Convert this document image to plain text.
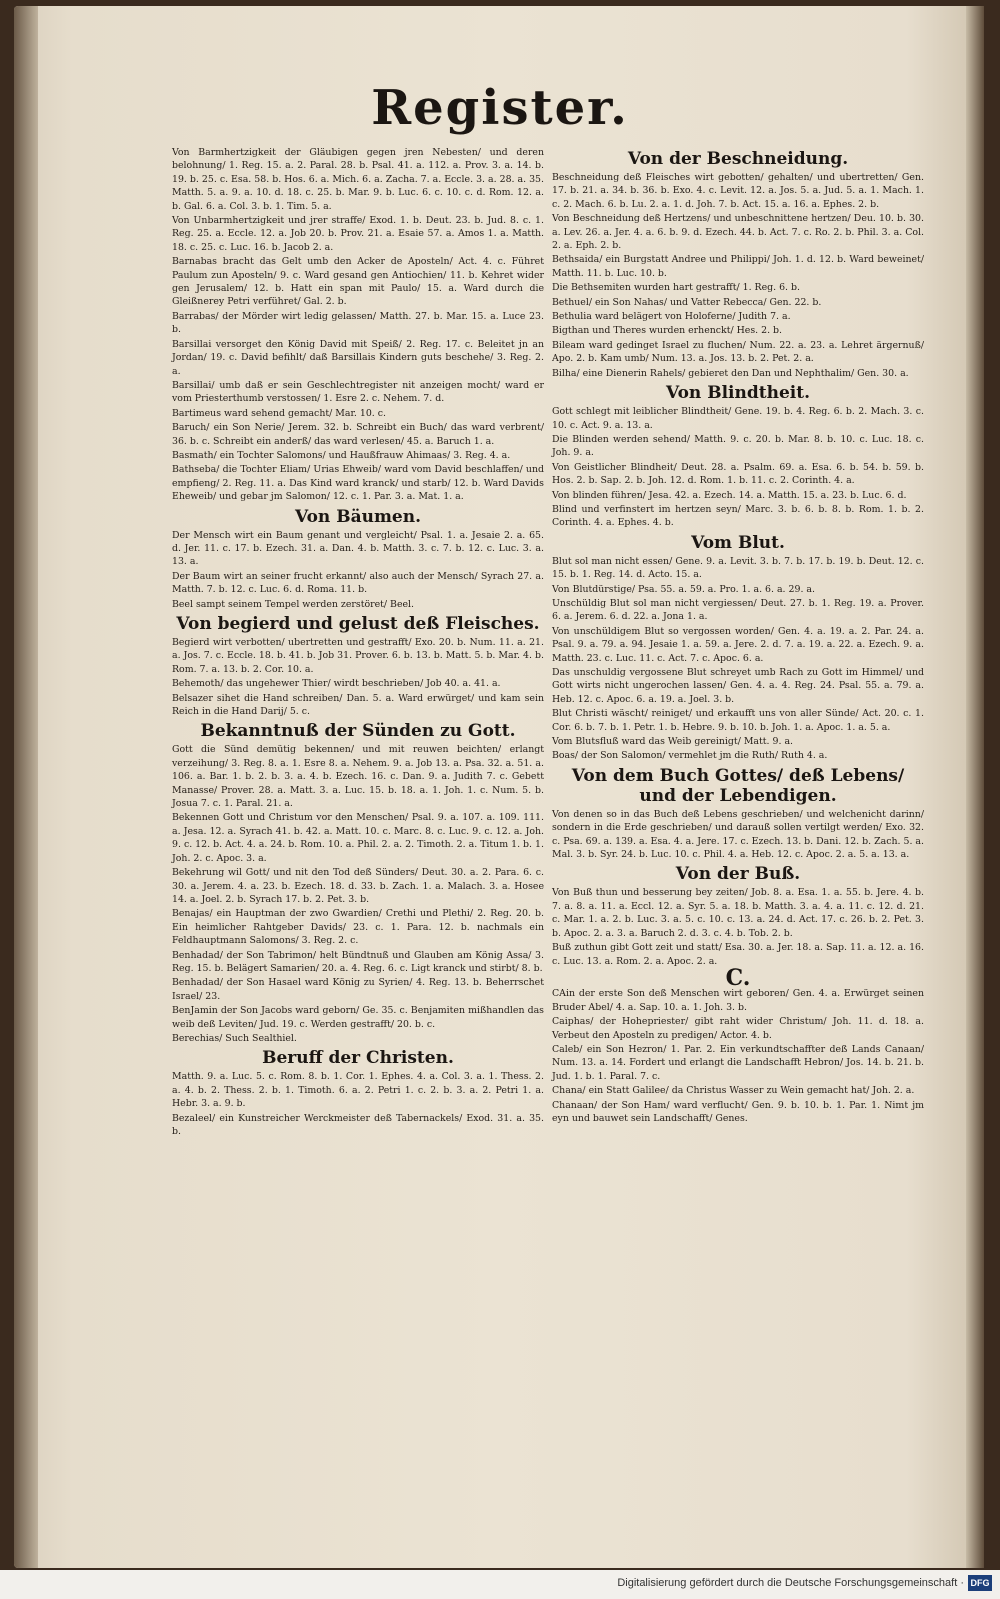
Register.
Von Barmhertzigkeit der Gläubigen gegen jren Nebesten/ und deren belohnung/ 1. Reg. 15. a. 2. Paral. 28. b. Psal. 41. a. 112. a. Prov. 3. a. 14. b. 19. b. 25. c. Esa. 58. b. Hos. 6. a. Mich. 6. a. Zacha. 7. a. Eccle. 3. a. 28. a. 35. Matth. 5. a. 9. a. 10. d. 18. c. 25. b. Mar. 9. b. Luc. 6. c. 10. c. d. Rom. 12. a. b. Gal. 6. a. Col. 3. b. 1. Tim. 5. a.
Von Unbarmhertzigkeit und jrer straffe/ Exod. 1. b. Deut. 23. b. Jud. 8. c. 1. Reg. 25. a. Eccle. 12. a. Job 20. b. Prov. 21. a. Esaie 57. a. Amos 1. a. Matth. 18. c. 25. c. Luc. 16. b. Jacob 2. a.
Barnabas bracht das Gelt umb den Acker de Aposteln/ Act. 4. c. Führet Paulum zun Aposteln/ 9. c. Ward gesand gen Antiochien/ 11. b. Kehret wider gen Jerusalem/ 12. b. Hatt ein span mit Paulo/ 15. a. Ward durch die Gleißnerey Petri verführet/ Gal. 2. b.
Barrabas/ der Mörder wirt ledig gelassen/ Matth. 27. b. Mar. 15. a. Luce 23. b.
Barsillai versorget den König David mit Speiß/ 2. Reg. 17. c. Beleitet jn an Jordan/ 19. c. David befihlt/ daß Barsillais Kindern guts beschehe/ 3. Reg. 2. a.
Barsillai/ umb daß er sein Geschlechtregister nit anzeigen mocht/ ward er vom Priesterthumb verstossen/ 1. Esre 2. c. Nehem. 7. d.
Bartimeus ward sehend gemacht/ Mar. 10. c.
Baruch/ ein Son Nerie/ Jerem. 32. b. Schreibt ein Buch/ das ward verbrent/ 36. b. c. Schreibt ein anderß/ das ward verlesen/ 45. a. Baruch 1. a.
Basmath/ ein Tochter Salomons/ und Haußfrauw Ahimaas/ 3. Reg. 4. a.
Bathseba/ die Tochter Eliam/ Urias Ehweib/ ward vom David beschlaffen/ und empfieng/ 2. Reg. 11. a. Das Kind ward kranck/ und starb/ 12. b. Ward Davids Eheweib/ und gebar jm Salomon/ 12. c. 1. Par. 3. a. Mat. 1. a.
Von Bäumen.
Der Mensch wirt ein Baum genant und vergleicht/ Psal. 1. a. Jesaie 2. a. 65. d. Jer. 11. c. 17. b. Ezech. 31. a. Dan. 4. b. Matth. 3. c. 7. b. 12. c. Luc. 3. a. 13. a.
Der Baum wirt an seiner frucht erkannt/ also auch der Mensch/ Syrach 27. a. Matth. 7. b. 12. c. Luc. 6. d. Roma. 11. b.
Beel sampt seinem Tempel werden zerstöret/ Beel.
Von begierd und gelust deß Fleisches.
Begierd wirt verbotten/ ubertretten und gestrafft/ Exo. 20. b. Num. 11. a. 21. a. Jos. 7. c. Eccle. 18. b. 41. b. Job 31. Prover. 6. b. 13. b. Matt. 5. b. Mar. 4. b. Rom. 7. a. 13. b. 2. Cor. 10. a.
Behemoth/ das ungehewer Thier/ wirdt beschrieben/ Job 40. a. 41. a.
Belsazer sihet die Hand schreiben/ Dan. 5. a. Ward erwürget/ und kam sein Reich in die Hand Darij/ 5. c.
Bekanntnuß der Sünden zu Gott.
Gott die Sünd demütig bekennen/ und mit reuwen beichten/ erlangt verzeihung/ 3. Reg. 8. a. 1. Esre 8. a. Nehem. 9. a. Job 13. a. Psa. 32. a. 51. a. 106. a. Bar. 1. b. 2. b. 3. a. 4. b. Ezech. 16. c. Dan. 9. a. Judith 7. c. Gebett Manasse/ Prover. 28. a. Matt. 3. a. Luc. 15. b. 18. a. 1. Joh. 1. c. Num. 5. b. Josua 7. c. 1. Paral. 21. a.
Bekennen Gott und Christum vor den Menschen/ Psal. 9. a. 107. a. 109. 111. a. Jesa. 12. a. Syrach 41. b. 42. a. Matt. 10. c. Marc. 8. c. Luc. 9. c. 12. a. Joh. 9. c. 12. b. Act. 4. a. 24. b. Rom. 10. a. Phil. 2. a. 2. Timoth. 2. a. Titum 1. b. 1. Joh. 2. c. Apoc. 3. a.
Bekehrung wil Gott/ und nit den Tod deß Sünders/ Deut. 30. a. 2. Para. 6. c. 30. a. Jerem. 4. a. 23. b. Ezech. 18. d. 33. b. Zach. 1. a. Malach. 3. a. Hosee 14. a. Joel. 2. b. Syrach 17. b. 2. Pet. 3. b.
Benajas/ ein Hauptman der zwo Gwardien/ Crethi und Plethi/ 2. Reg. 20. b. Ein heimlicher Rahtgeber Davids/ 23. c. 1. Para. 12. b. nachmals ein Feldhauptmann Salomons/ 3. Reg. 2. c.
Benhadad/ der Son Tabrimon/ helt Bündtnuß und Glauben am König Assa/ 3. Reg. 15. b. Belägert Samarien/ 20. a. 4. Reg. 6. c. Ligt kranck und stirbt/ 8. b.
Benhadad/ der Son Hasael ward König zu Syrien/ 4. Reg. 13. b. Beherrschet Israel/ 23.
BenJamin der Son Jacobs ward geborn/ Ge. 35. c. Benjamiten mißhandlen das weib deß Leviten/ Jud. 19. c. Werden gestrafft/ 20. b. c.
Berechias/ Such Sealthiel.
Beruff der Christen.
Matth. 9. a. Luc. 5. c. Rom. 8. b. 1. Cor. 1. Ephes. 4. a. Col. 3. a. 1. Thess. 2. a. 4. b. 2. Thess. 2. b. 1. Timoth. 6. a. 2. Petri 1. c. 2. b. 3. a. 2. Petri 1. a. Hebr. 3. a. 9. b.
Bezaleel/ ein Kunstreicher Werckmeister deß Tabernackels/ Exod. 31. a. 35. b.
Von der Beschneidung.
Beschneidung deß Fleisches wirt gebotten/ gehalten/ und ubertretten/ Gen. 17. b. 21. a. 34. b. 36. b. Exo. 4. c. Levit. 12. a. Jos. 5. a. Jud. 5. a. 1. Mach. 1. c. 2. Mach. 6. b. Lu. 2. a. 1. d. Joh. 7. b. Act. 15. a. 16. a. Ephes. 2. b.
Von Beschneidung deß Hertzens/ und unbeschnittene hertzen/ Deu. 10. b. 30. a. Lev. 26. a. Jer. 4. a. 6. b. 9. d. Ezech. 44. b. Act. 7. c. Ro. 2. b. Phil. 3. a. Col. 2. a. Eph. 2. b.
Bethsaida/ ein Burgstatt Andree und Philippi/ Joh. 1. d. 12. b. Ward beweinet/ Matth. 11. b. Luc. 10. b.
Die Bethsemiten wurden hart gestrafft/ 1. Reg. 6. b.
Bethuel/ ein Son Nahas/ und Vatter Rebecca/ Gen. 22. b.
Bethulia ward belägert von Holoferne/ Judith 7. a.
Bigthan und Theres wurden erhenckt/ Hes. 2. b.
Bileam ward gedinget Israel zu fluchen/ Num. 22. a. 23. a. Lehret ärgernuß/ Apo. 2. b. Kam umb/ Num. 13. a. Jos. 13. b. 2. Pet. 2. a.
Bilha/ eine Dienerin Rahels/ gebieret den Dan und Nephthalim/ Gen. 30. a.
Von Blindtheit.
Gott schlegt mit leiblicher Blindtheit/ Gene. 19. b. 4. Reg. 6. b. 2. Mach. 3. c. 10. c. Act. 9. a. 13. a.
Die Blinden werden sehend/ Matth. 9. c. 20. b. Mar. 8. b. 10. c. Luc. 18. c. Joh. 9. a.
Von Geistlicher Blindheit/ Deut. 28. a. Psalm. 69. a. Esa. 6. b. 54. b. 59. b. Hos. 2. b. Sap. 2. b. Joh. 12. d. Rom. 1. b. 11. c. 2. Corinth. 4. a.
Von blinden führen/ Jesa. 42. a. Ezech. 14. a. Matth. 15. a. 23. b. Luc. 6. d.
Blind und verfinstert im hertzen seyn/ Marc. 3. b. 6. b. 8. b. Rom. 1. b. 2. Corinth. 4. a. Ephes. 4. b.
Vom Blut.
Blut sol man nicht essen/ Gene. 9. a. Levit. 3. b. 7. b. 17. b. 19. b. Deut. 12. c. 15. b. 1. Reg. 14. d. Acto. 15. a.
Von Blutdürstige/ Psa. 55. a. 59. a. Pro. 1. a. 6. a. 29. a.
Unschüldig Blut sol man nicht vergiessen/ Deut. 27. b. 1. Reg. 19. a. Prover. 6. a. Jerem. 6. d. 22. a. Jona 1. a.
Von unschüldigem Blut so vergossen worden/ Gen. 4. a. 19. a. 2. Par. 24. a. Psal. 9. a. 79. a. 94. Jesaie 1. a. 59. a. Jere. 2. d. 7. a. 19. a. 22. a. Ezech. 9. a. Matth. 23. c. Luc. 11. c. Act. 7. c. Apoc. 6. a.
Das unschuldig vergossene Blut schreyet umb Rach zu Gott im Himmel/ und Gott wirts nicht ungerochen lassen/ Gen. 4. a. 4. Reg. 24. Psal. 55. a. 79. a. Heb. 12. c. Apoc. 6. a. 19. a. Joel. 3. b.
Blut Christi wäscht/ reiniget/ und erkaufft uns von aller Sünde/ Act. 20. c. 1. Cor. 6. b. 7. b. 1. Petr. 1. b. Hebre. 9. b. 10. b. Joh. 1. a. Apoc. 1. a. 5. a.
Vom Blutsfluß ward das Weib gereinigt/ Matt. 9. a.
Boas/ der Son Salomon/ vermehlet jm die Ruth/ Ruth 4. a.
Von dem Buch Gottes/ deß Lebens/ und der Lebendigen.
Von denen so in das Buch deß Lebens geschrieben/ und welchenicht darinn/ sondern in die Erde geschrieben/ und darauß sollen vertilgt werden/ Exo. 32. c. Psa. 69. a. 139. a. Esa. 4. a. Jere. 17. c. Ezech. 13. b. Dani. 12. b. Zach. 5. a. Mal. 3. b. Syr. 24. b. Luc. 10. c. Phil. 4. a. Heb. 12. c. Apoc. 2. a. 5. a. 13. a.
Von der Buß.
Von Buß thun und besserung bey zeiten/ Job. 8. a. Esa. 1. a. 55. b. Jere. 4. b. 7. a. 8. a. 11. a. Eccl. 12. a. Syr. 5. a. 18. b. Matth. 3. a. 4. a. 11. c. 12. d. 21. c. Mar. 1. a. 2. b. Luc. 3. a. 5. c. 10. c. 13. a. 24. d. Act. 17. c. 26. b. 2. Pet. 3. b. Apoc. 2. a. 3. a. Baruch 2. d. 3. c. 4. b. Tob. 2. b.
Buß zuthun gibt Gott zeit und statt/ Esa. 30. a. Jer. 18. a. Sap. 11. a. 12. a. 16. c. Luc. 13. a. Rom. 2. a. Apoc. 2. a.
C.
CAin der erste Son deß Menschen wirt geboren/ Gen. 4. a. Erwürget seinen Bruder Abel/ 4. a. Sap. 10. a. 1. Joh. 3. b.
Caiphas/ der Hohepriester/ gibt raht wider Christum/ Joh. 11. d. 18. a. Verbeut den Aposteln zu predigen/ Actor. 4. b.
Caleb/ ein Son Hezron/ 1. Par. 2. Ein verkundtschaffter deß Lands Canaan/ Num. 13. a. 14. Fordert und erlangt die Landschafft Hebron/ Jos. 14. b. 21. b. Jud. 1. b. 1. Paral. 7. c.
Chana/ ein Statt Galilee/ da Christus Wasser zu Wein gemacht hat/ Joh. 2. a.
Chanaan/ der Son Ham/ ward verflucht/ Gen. 9. b. 10. b. 1. Par. 1. Nimt jm eyn und bauwet sein Landschafft/ Genes.
Digitalisierung gefördert durch die Deutsche Forschungsgemeinschaft · DFG
